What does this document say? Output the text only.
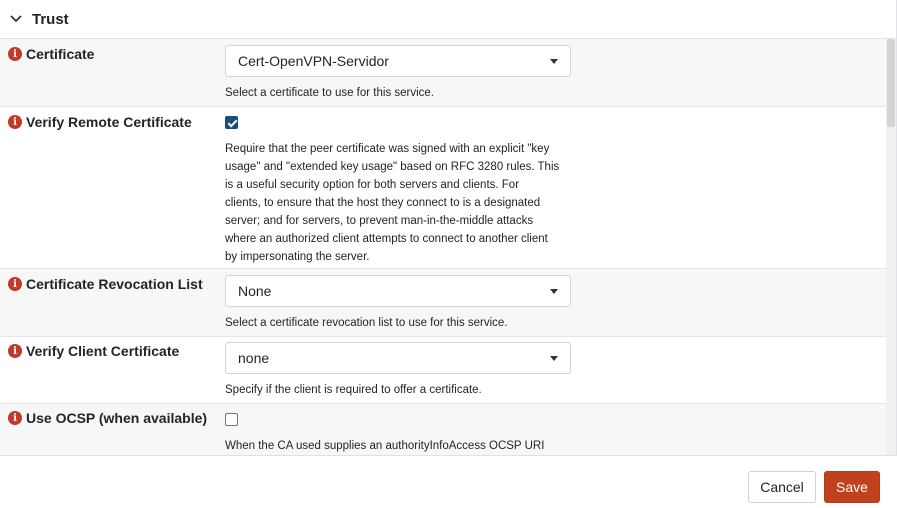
Trust
i Certificate	Cert-OpenVPN-Servidor
Select a certificate to use for this service.
i Verify Remote Certificate
Require that the peer certificate was signed with an explicit "key
usage" and "extended key usage" based on RFC 3280 rules. This
is a useful security option for both servers and clients. For
clients, to ensure that the host they connect to is a designated
server; and for servers, to prevent man-in-the-middle attacks
where an authorized client attempts to connect to another client
by impersonating the server.
i Certificate Revocation List	None
Select a certificate revocation list to use for this service.
i Verify Client Certificate	none
Specify if the client is required to offer a certificate.
i Use OCSP (when available)
When the CA used supplies an authorityInfoAccess OCSP URI
Cancel	Save
